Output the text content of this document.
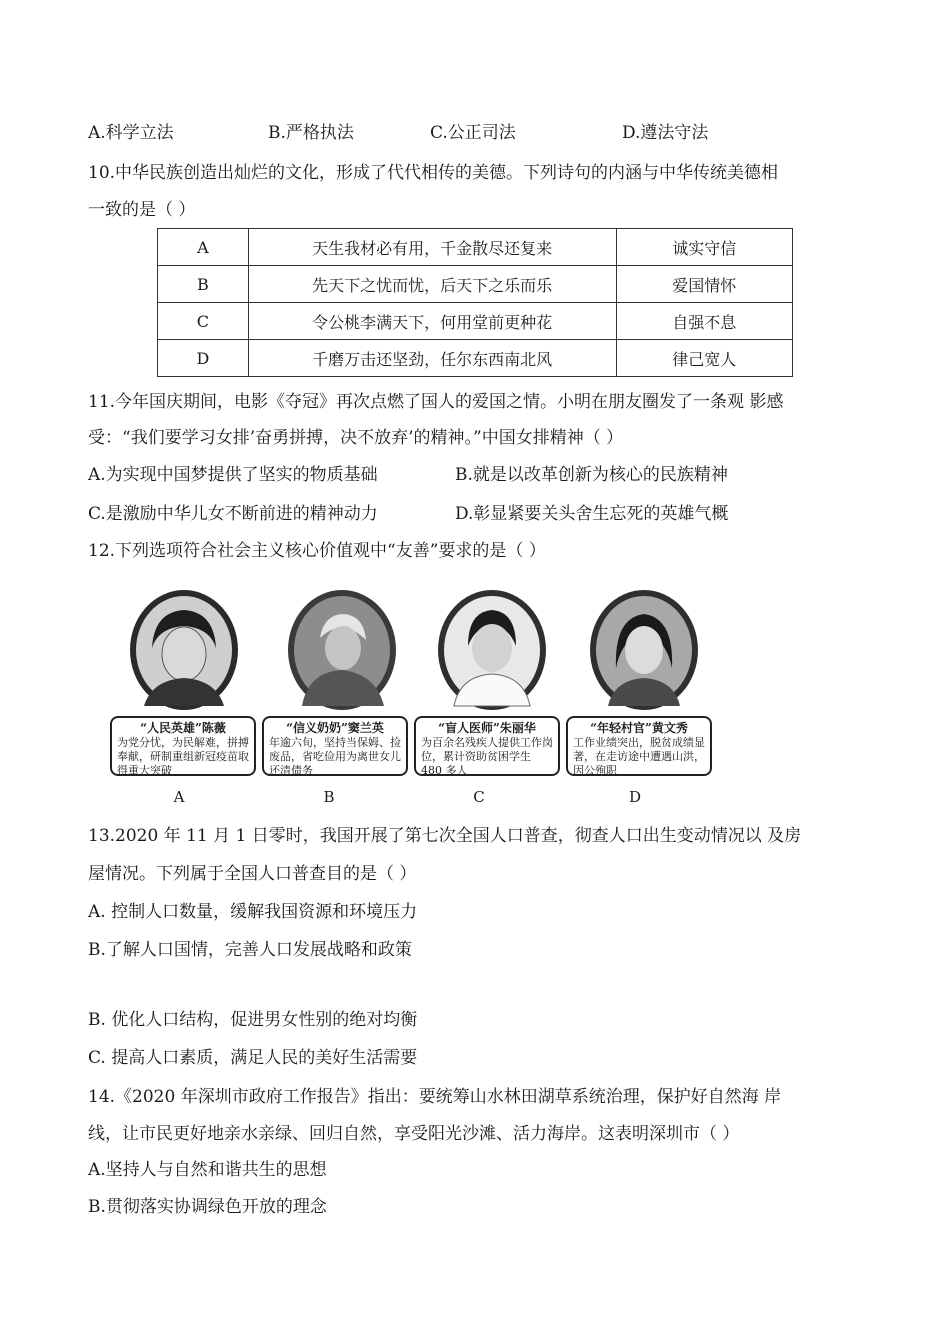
A.科学立法	B.严格执法	C.公正司法	D.遵法守法
10.中华民族创造出灿烂的文化，形成了代代相传的美德。下列诗句的内涵与中华传统美德相
一致的是（ ）
A	天生我材必有用，千金散尽还复来	诚实守信
B	先天下之忧而忧，后天下之乐而乐	爱国情怀
C	令公桃李满天下，何用堂前更种花	自强不息
D	千磨万击还坚劲，任尔东西南北风	律己宽人
11.今年国庆期间，电影《夺冠》再次点燃了国人的爱国之情。小明在朋友圈发了一条观 影感
受：“我们要学习女排’奋勇拼搏，决不放弃’的精神。”中国女排精神（ ）
A.为实现中国梦提供了坚实的物质基础	B.就是以改革创新为核心的民族精神
C.是激励中华儿女不断前进的精神动力	D.彰显紧要关头舍生忘死的英雄气概
12.下列选项符合社会主义核心价值观中“友善”要求的是（ ）
“人民英雄”陈薇
为党分忧，为民解难，拼搏奉献，研制重组新冠疫苗取得重大突破
“信义奶奶”窦兰英
年逾六旬，坚持当保姆、捡废品，省吃俭用为离世女儿还清债务
“盲人医师”朱丽华
为百余名残疾人提供工作岗位，累计资助贫困学生 480 多人
“年轻村官”黄文秀
工作业绩突出，脱贫成绩显著，在走访途中遭遇山洪，因公殉职
A	B	C	D
13.2020 年 11 月 1 日零时，我国开展了第七次全国人口普查，彻查人口出生变动情况以 及房
屋情况。下列属于全国人口普查目的是（ ）
A. 控制人口数量，缓解我国资源和环境压力
B.了解人口国情，完善人口发展战略和政策
B. 优化人口结构，促进男女性别的绝对均衡
C. 提高人口素质，满足人民的美好生活需要
14.《2020 年深圳市政府工作报告》指出：要统筹山水林田湖草系统治理，保护好自然海 岸
线，让市民更好地亲水亲绿、回归自然，享受阳光沙滩、活力海岸。这表明深圳市（ ）
A.坚持人与自然和谐共生的思想
B.贯彻落实协调绿色开放的理念
